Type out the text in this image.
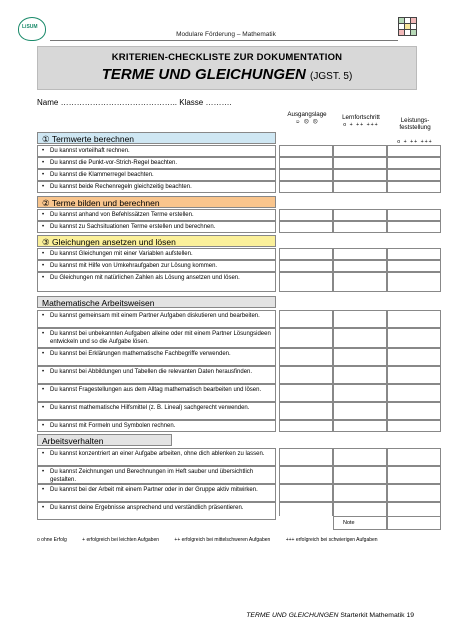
LiSUM
Modulare Förderung – Mathematik
KRITERIEN-CHECKLISTE ZUR DOKUMENTATION
TERME UND GLEICHUNGEN (JGST. 5)
Name …………………………………….. Klasse ……….
Ausgangslage
☺ ☹ ☹
Lernfortschritt
o + ++ +++

Leistungs-
feststellung

o + ++ +++

① Termwerte berechnen
• Du kannst vorteilhaft rechnen.
• Du kannst die Punkt-vor-Strich-Regel beachten.
• Du kannst die Klammerregel beachten.
• Du kannst beide Rechenregeln gleichzeitig beachten.
② Terme bilden und berechnen
• Du kannst anhand von Befehlssätzen Terme erstellen.
• Du kannst zu Sachsituationen Terme erstellen und berechnen.
③ Gleichungen ansetzen und lösen
• Du kannst Gleichungen mit einer Variablen aufstellen.
• Du kannst mit Hilfe von Umkehraufgaben zur Lösung kommen.
• Du Gleichungen mit natürlichen Zahlen als Lösung ansetzen und lösen.
Mathematische Arbeitsweisen
• Du kannst gemeinsam mit einem Partner Aufgaben diskutieren und bearbeiten.
• Du kannst bei unbekannten Aufgaben alleine oder mit einem Partner Lösungsideen entwickeln und so die Aufgabe lösen.
• Du kannst bei Erklärungen mathematische Fachbegriffe verwenden.
• Du kannst bei Abbildungen und Tabellen die relevanten Daten herausfinden.
• Du kannst Fragestellungen aus dem Alltag mathematisch bearbeiten und lösen.
• Du kannst mathematische Hilfsmittel (z. B. Lineal) sachgerecht verwenden.
• Du kannst mit Formeln und Symbolen rechnen.
Arbeitsverhalten
• Du kannst konzentriert an einer Aufgabe arbeiten, ohne dich ablenken zu lassen.
• Du kannst Zeichnungen und Berechnungen im Heft sauber und übersichtlich gestalten.
• Du kannst bei der Arbeit mit einem Partner oder in der Gruppe aktiv mitwirken.
• Du kannst deine Ergebnisse ansprechend und verständlich präsentieren.
Note
o ohne Erfolg	+ erfolgreich bei leichten Aufgaben	++ erfolgreich bei mittelschweren Aufgaben	+++ erfolgreich bei schwierigen Aufgaben
TERME UND GLEICHUNGEN Starterkit Mathematik 19
